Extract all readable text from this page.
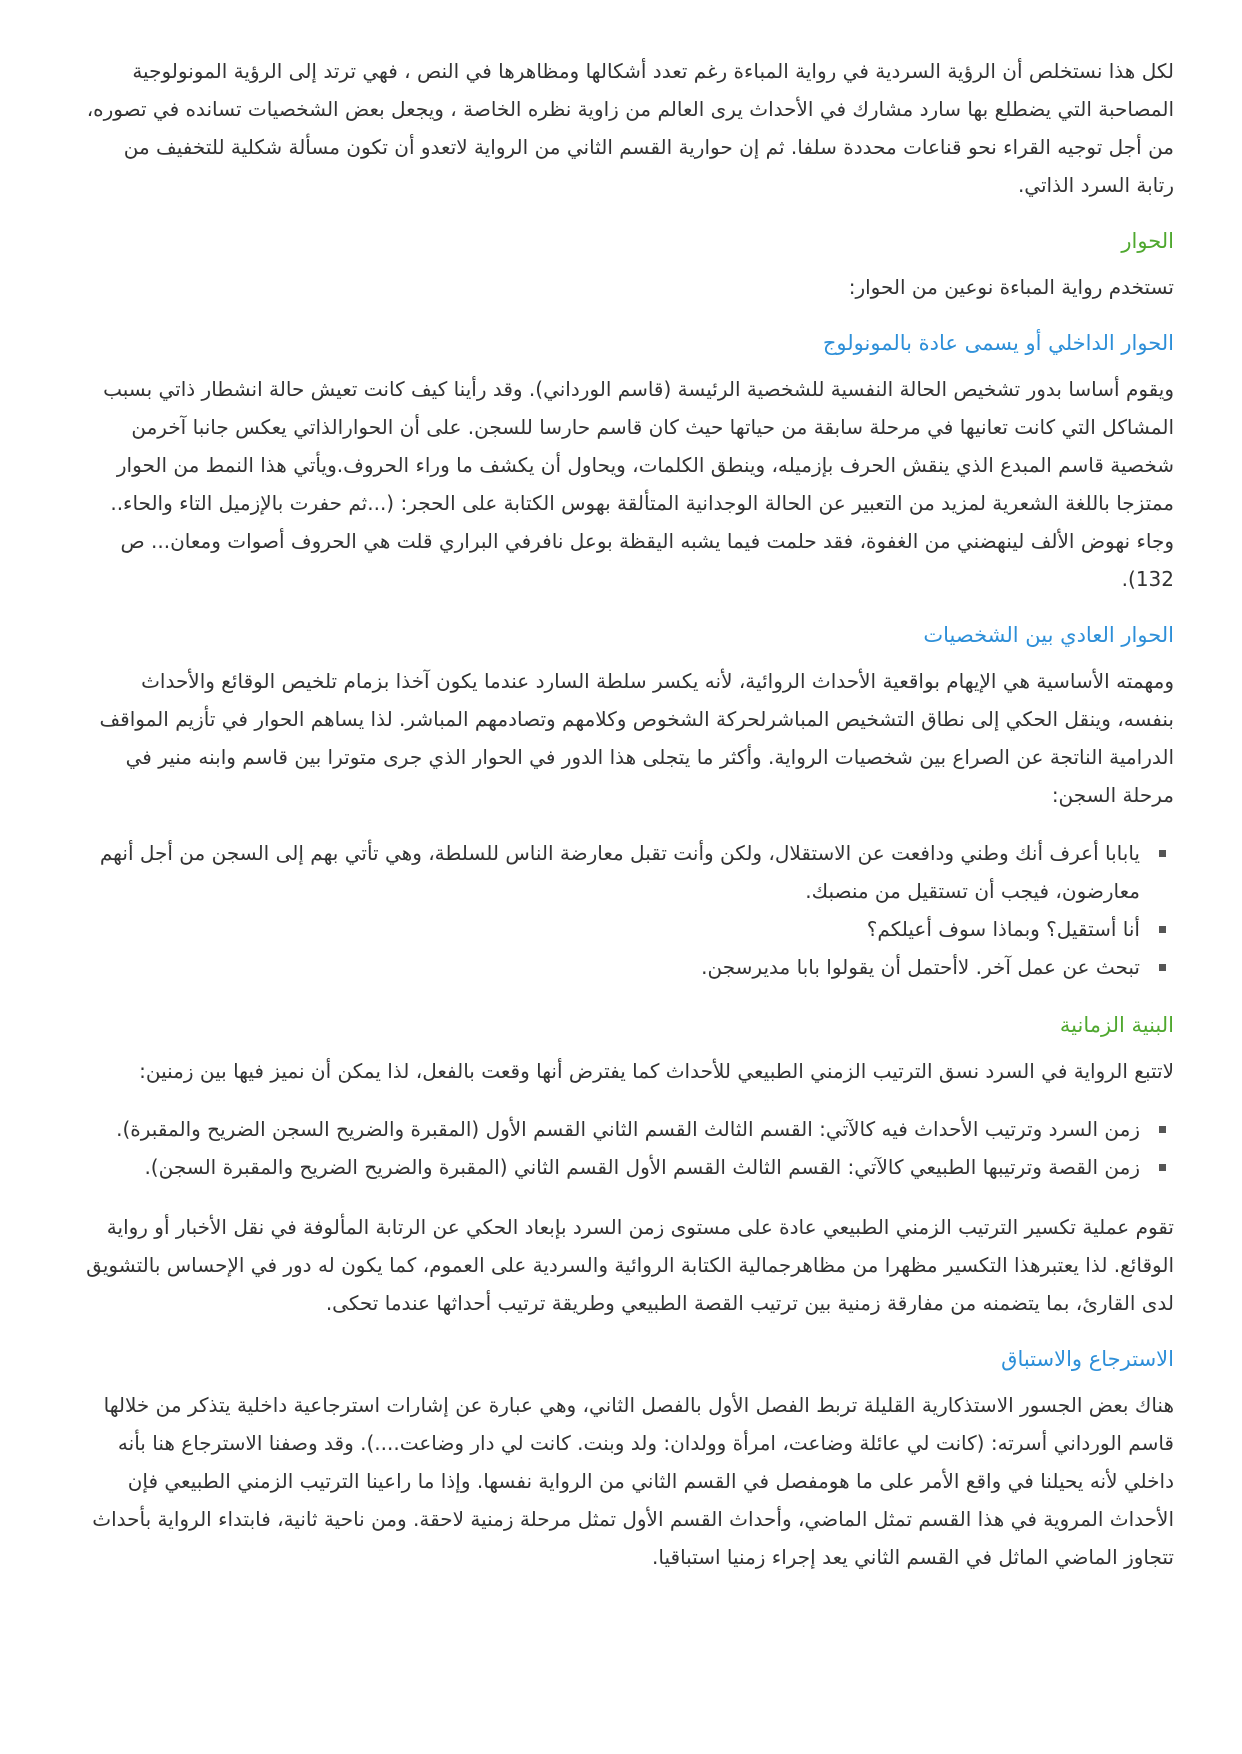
لكل هذا نستخلص أن الرؤية السردية في رواية المباءة رغم تعدد أشكالها ومظاهرها في النص ، فهي ترتد إلى الرؤية المونولوجية المصاحبة التي يضطلع بها سارد مشارك في الأحداث يرى العالم من زاوية نظره الخاصة ، ويجعل بعض الشخصيات تسانده في تصوره، من أجل توجيه القراء نحو قناعات محددة سلفا. ثم إن حوارية القسم الثاني من الرواية لاتعدو أن تكون مسألة شكلية للتخفيف من رتابة السرد الذاتي.

الحوار

تستخدم رواية المباءة نوعين من الحوار:

الحوار الداخلي أو يسمى عادة بالمونولوج

ويقوم أساسا بدور تشخيص الحالة النفسية للشخصية الرئيسة (قاسم الورداني). وقد رأينا كيف كانت تعيش حالة انشطار ذاتي بسبب المشاكل التي كانت تعانيها في مرحلة سابقة من حياتها حيث كان قاسم حارسا للسجن. على أن الحوارالذاتي يعكس جانبا آخرمن شخصية قاسم المبدع الذي ينقش الحرف بإزميله، وينطق الكلمات، ويحاول أن يكشف ما وراء الحروف.ويأتي هذا النمط من الحوار ممتزجا باللغة الشعرية لمزيد من التعبير عن الحالة الوجدانية المتألقة بهوس الكتابة على الحجر: (...ثم حفرت بالإزميل التاء والحاء.. وجاء نهوض الألف لينهضني من الغفوة، فقد حلمت فيما يشبه اليقظة بوعل نافرفي البراري قلت هي الحروف أصوات ومعان... ص 132).

الحوار العادي بين الشخصيات

ومهمته الأساسية هي الإيهام بواقعية الأحداث الروائية، لأنه يكسر سلطة السارد عندما يكون آخذا بزمام تلخيص الوقائع والأحداث بنفسه، وينقل الحكي إلى نطاق التشخيص المباشرلحركة الشخوص وكلامهم وتصادمهم المباشر. لذا يساهم الحوار في تأزيم المواقف الدرامية الناتجة عن الصراع بين شخصيات الرواية. وأكثر ما يتجلى هذا الدور في الحوار الذي جرى متوترا بين قاسم وابنه منير في مرحلة السجن:

يابابا أعرف أنك وطني ودافعت عن الاستقلال، ولكن وأنت تقبل معارضة الناس للسلطة، وهي تأتي بهم إلى السجن من أجل أنهم معارضون، فيجب أن تستقيل من منصبك.
أنا أستقيل؟ وبماذا سوف أعيلكم؟
تبحث عن عمل آخر. لاأحتمل أن يقولوا بابا مديرسجن.
البنية الزمانية

لاتتبع الرواية في السرد نسق الترتيب الزمني الطبيعي للأحداث كما يفترض أنها وقعت بالفعل، لذا يمكن أن نميز فيها بين زمنين:

زمن السرد وترتيب الأحداث فيه كالآتي: القسم الثالث القسم الثاني القسم الأول (المقبرة والضريح السجن الضريح والمقبرة).
زمن القصة وترتيبها الطبيعي كالآتي: القسم الثالث القسم الأول القسم الثاني (المقبرة والضريح الضريح والمقبرة السجن).

تقوم عملية تكسير الترتيب الزمني الطبيعي عادة على مستوى زمن السرد بإبعاد الحكي عن الرتابة المألوفة في نقل الأخبار أو رواية الوقائع. لذا يعتبرهذا التكسير مظهرا من مظاهرجمالية الكتابة الروائية والسردية على العموم، كما يكون له دور في الإحساس بالتشويق لدى القارئ، بما يتضمنه من مفارقة زمنية بين ترتيب القصة الطبيعي وطريقة ترتيب أحداثها عندما تحكى.

الاسترجاع والاستباق

هناك بعض الجسور الاستذكارية القليلة تربط الفصل الأول بالفصل الثاني، وهي عبارة عن إشارات استرجاعية داخلية يتذكر من خلالها قاسم الورداني أسرته: (كانت لي عائلة وضاعت، امرأة وولدان: ولد وبنت. كانت لي دار وضاعت....). وقد وصفنا الاسترجاع هنا بأنه داخلي لأنه يحيلنا في واقع الأمر على ما هومفصل في القسم الثاني من الرواية نفسها. وإذا ما راعينا الترتيب الزمني الطبيعي فإن الأحداث المروية في هذا القسم تمثل الماضي، وأحداث القسم الأول تمثل مرحلة زمنية لاحقة. ومن ناحية ثانية، فابتداء الرواية بأحداث تتجاوز الماضي الماثل في القسم الثاني يعد إجراء زمنيا استباقيا.
